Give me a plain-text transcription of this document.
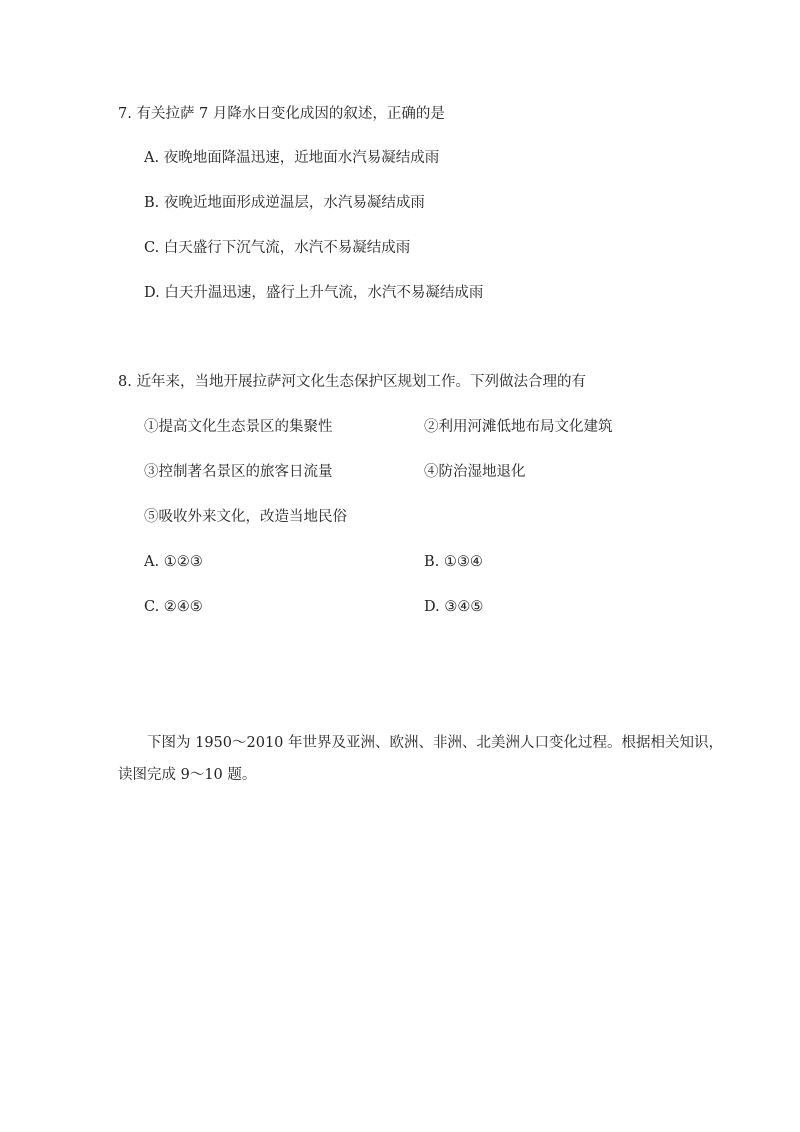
7. 有关拉萨 7 月降水日变化成因的叙述，正确的是
A. 夜晚地面降温迅速，近地面水汽易凝结成雨
B. 夜晚近地面形成逆温层，水汽易凝结成雨
C. 白天盛行下沉气流，水汽不易凝结成雨
D. 白天升温迅速，盛行上升气流，水汽不易凝结成雨
8. 近年来，当地开展拉萨河文化生态保护区规划工作。下列做法合理的有
①提高文化生态景区的集聚性	②利用河滩低地布局文化建筑
③控制著名景区的旅客日流量	④防治湿地退化
⑤吸收外来文化，改造当地民俗
A. ①②③	B. ①③④
C. ②④⑤	D. ③④⑤
　　下图为 1950～2010 年世界及亚洲、欧洲、非洲、北美洲人口变化过程。根据相关知识，
读图完成 9～10 题。
